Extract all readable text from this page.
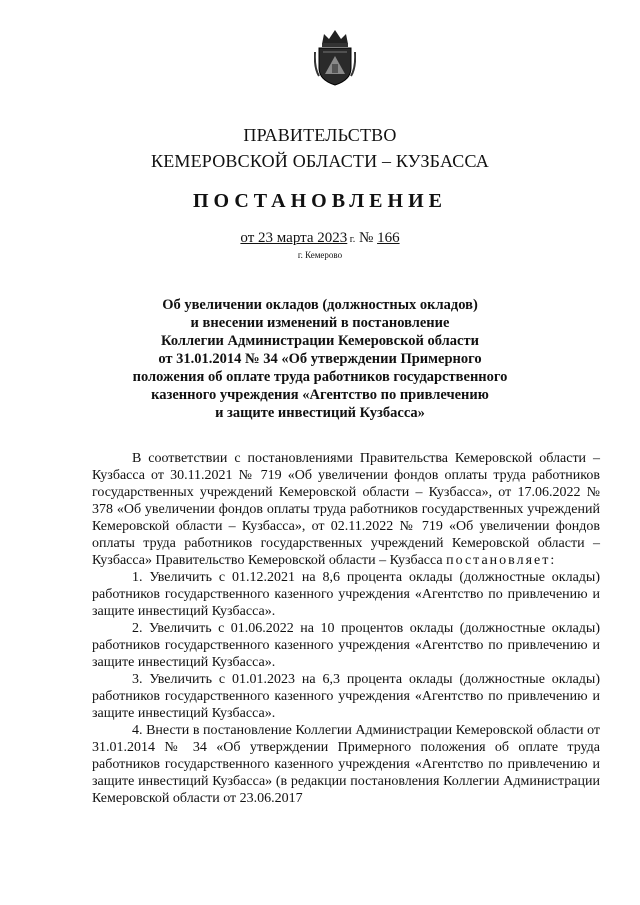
ПРАВИТЕЛЬСТВО
КЕМЕРОВСКОЙ ОБЛАСТИ – КУЗБАССА
ПОСТАНОВЛЕНИЕ
от 23 марта 2023 г. № 166
г. Кемерово
Об увеличении окладов (должностных окладов)
и внесении изменений в постановление
Коллегии Администрации Кемеровской области
от 31.01.2014 № 34 «Об утверждении Примерного
положения об оплате труда работников государственного
казенного учреждения «Агентство по привлечению
и защите инвестиций Кузбасса»

В соответствии с постановлениями Правительства Кемеровской области – Кузбасса от 30.11.2021 № 719 «Об увеличении фондов оплаты труда работников государственных учреждений Кемеровской области – Кузбасса», от 17.06.2022 № 378 «Об увеличении фондов оплаты труда работников государственных учреждений Кемеровской области – Кузбасса», от 02.11.2022 № 719 «Об увеличении фондов оплаты труда работников государственных учреждений Кемеровской области – Кузбасса» Правительство Кемеровской области – Кузбасса постановляет:

1. Увеличить с 01.12.2021 на 8,6 процента оклады (должностные оклады) работников государственного казенного учреждения «Агентство по привлечению и защите инвестиций Кузбасса».

2. Увеличить с 01.06.2022 на 10 процентов оклады (должностные оклады) работников государственного казенного учреждения «Агентство по привлечению и защите инвестиций Кузбасса».

3. Увеличить с 01.01.2023 на 6,3 процента оклады (должностные оклады) работников государственного казенного учреждения «Агентство по привлечению и защите инвестиций Кузбасса».

4. Внести в постановление Коллегии Администрации Кемеровской области от 31.01.2014 № 34 «Об утверждении Примерного положения об оплате труда работников государственного казенного учреждения «Агентство по привлечению и защите инвестиций Кузбасса» (в редакции постановления Коллегии Администрации Кемеровской области от 23.06.2017
